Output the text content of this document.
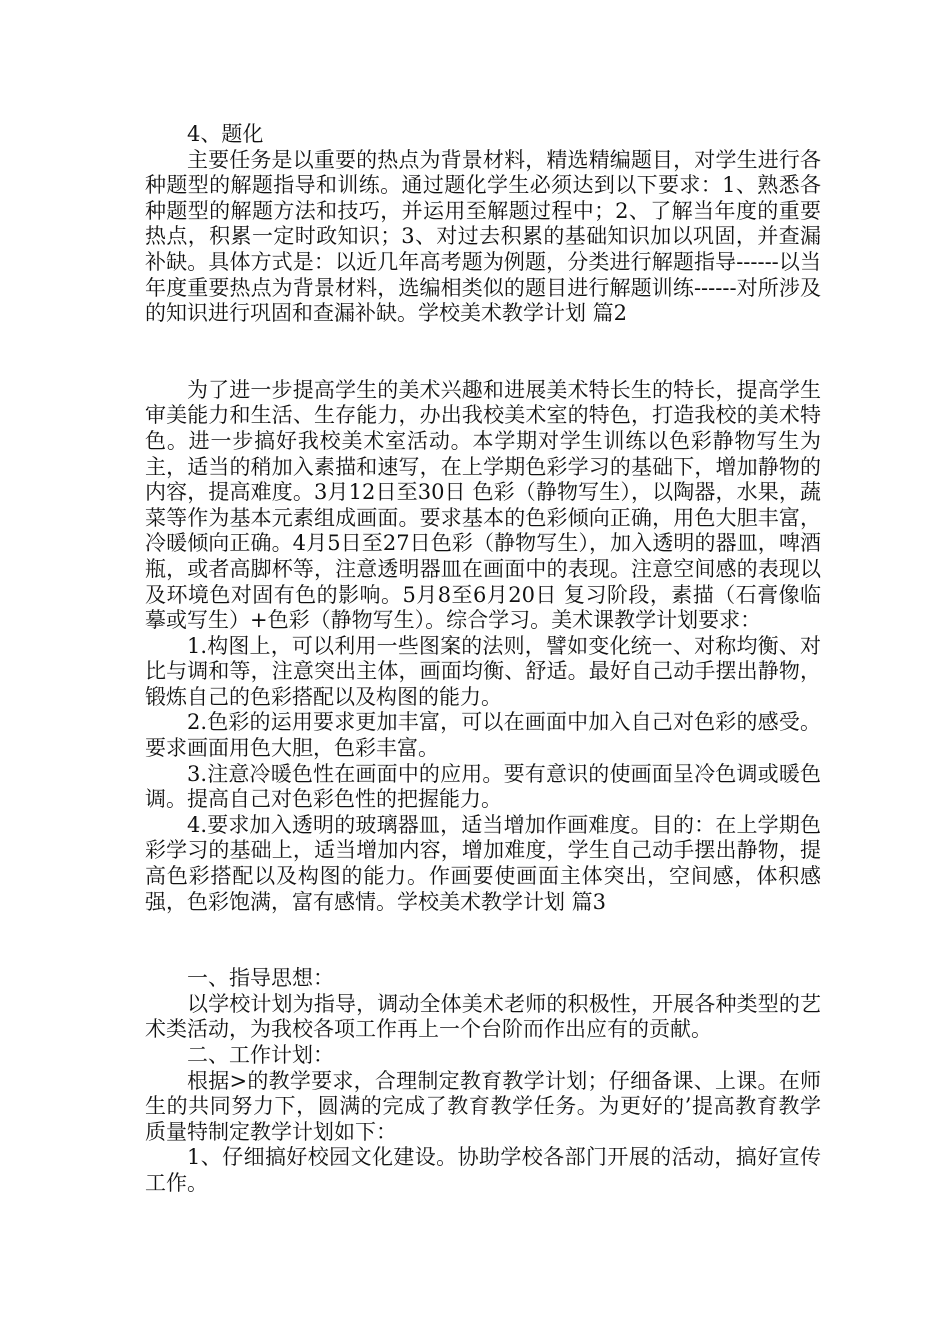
4、题化

主要任务是以重要的热点为背景材料，精选精编题目，对学生进行各种题型的解题指导和训练。通过题化学生必须达到以下要求：1、熟悉各种题型的解题方法和技巧，并运用至解题过程中；2、了解当年度的重要热点，积累一定时政知识；3、对过去积累的基础知识加以巩固，并查漏补缺。具体方式是：以近几年高考题为例题，分类进行解题指导------以当年度重要热点为背景材料，选编相类似的题目进行解题训练------对所涉及的知识进行巩固和查漏补缺。学校美术教学计划 篇2

为了进一步提高学生的美术兴趣和进展美术特长生的特长，提高学生审美能力和生活、生存能力，办出我校美术室的特色，打造我校的美术特色。进一步搞好我校美术室活动。本学期对学生训练以色彩静物写生为主，适当的稍加入素描和速写，在上学期色彩学习的基础下，增加静物的内容，提高难度。3月12日至30日 色彩（静物写生），以陶器，水果，蔬菜等作为基本元素组成画面。要求基本的色彩倾向正确，用色大胆丰富，冷暖倾向正确。4月5日至27日色彩（静物写生），加入透明的器皿，啤酒瓶，或者高脚杯等，注意透明器皿在画面中的表现。注意空间感的表现以及环境色对固有色的影响。5月8至6月20日 复习阶段，素描（石膏像临摹或写生）+色彩（静物写生）。综合学习。美术课教学计划要求：

1.构图上，可以利用一些图案的法则，譬如变化统一、对称均衡、对比与调和等，注意突出主体，画面均衡、舒适。最好自己动手摆出静物，锻炼自己的色彩搭配以及构图的能力。

2.色彩的运用要求更加丰富，可以在画面中加入自己对色彩的感受。要求画面用色大胆，色彩丰富。

3.注意冷暖色性在画面中的应用。要有意识的使画面呈冷色调或暖色调。提高自己对色彩色性的把握能力。

4.要求加入透明的玻璃器皿，适当增加作画难度。目的：在上学期色彩学习的基础上，适当增加内容，增加难度，学生自己动手摆出静物，提高色彩搭配以及构图的能力。作画要使画面主体突出，空间感，体积感强，色彩饱满，富有感情。学校美术教学计划 篇3

一、指导思想：

以学校计划为指导，调动全体美术老师的积极性，开展各种类型的艺术类活动，为我校各项工作再上一个台阶而作出应有的贡献。

二、工作计划：

根据>的教学要求，合理制定教育教学计划；仔细备课、上课。在师生的共同努力下，圆满的完成了教育教学任务。为更好的’提高教育教学质量特制定教学计划如下：

1、仔细搞好校园文化建设。协助学校各部门开展的活动，搞好宣传工作。
